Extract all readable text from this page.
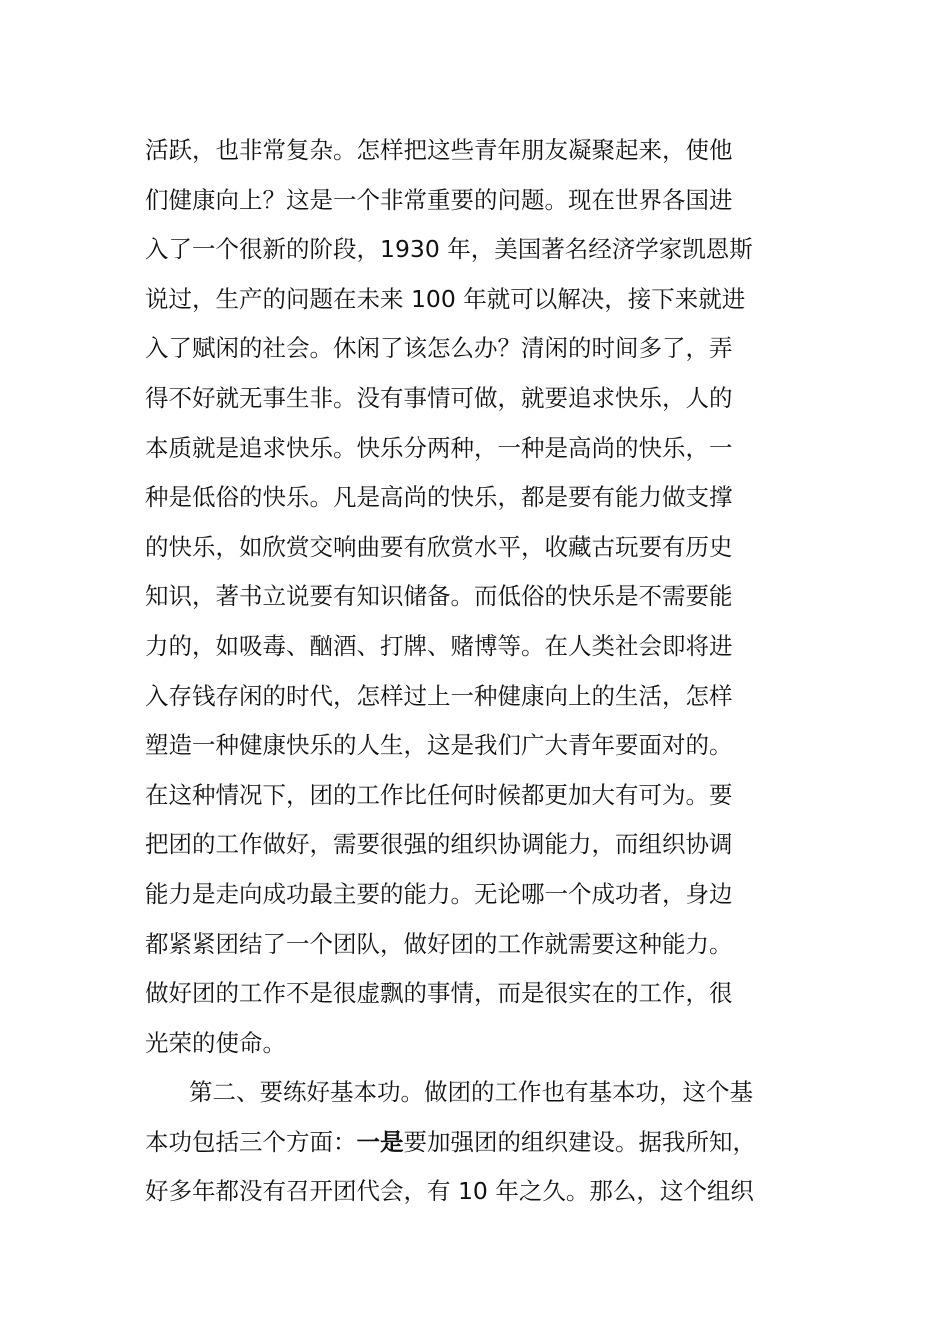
活跃，也非常复杂。怎样把这些青年朋友凝聚起来，使他
们健康向上？这是一个非常重要的问题。现在世界各国进
入了一个很新的阶段，1930 年，美国著名经济学家凯恩斯
说过，生产的问题在未来 100 年就可以解决，接下来就进
入了赋闲的社会。休闲了该怎么办？清闲的时间多了，弄
得不好就无事生非。没有事情可做，就要追求快乐，人的
本质就是追求快乐。快乐分两种，一种是高尚的快乐，一
种是低俗的快乐。凡是高尚的快乐，都是要有能力做支撑
的快乐，如欣赏交响曲要有欣赏水平，收藏古玩要有历史
知识，著书立说要有知识储备。而低俗的快乐是不需要能
力的，如吸毒、酗酒、打牌、赌博等。在人类社会即将进
入存钱存闲的时代，怎样过上一种健康向上的生活，怎样
塑造一种健康快乐的人生，这是我们广大青年要面对的。
在这种情况下，团的工作比任何时候都更加大有可为。要
把团的工作做好，需要很强的组织协调能力，而组织协调
能力是走向成功最主要的能力。无论哪一个成功者，身边
都紧紧团结了一个团队，做好团的工作就需要这种能力。
做好团的工作不是很虚飘的事情，而是很实在的工作，很
光荣的使命。
第二、要练好基本功。做团的工作也有基本功，这个基
本功包括三个方面：一是要加强团的组织建设。据我所知，
好多年都没有召开团代会，有 10 年之久。那么，这个组织
